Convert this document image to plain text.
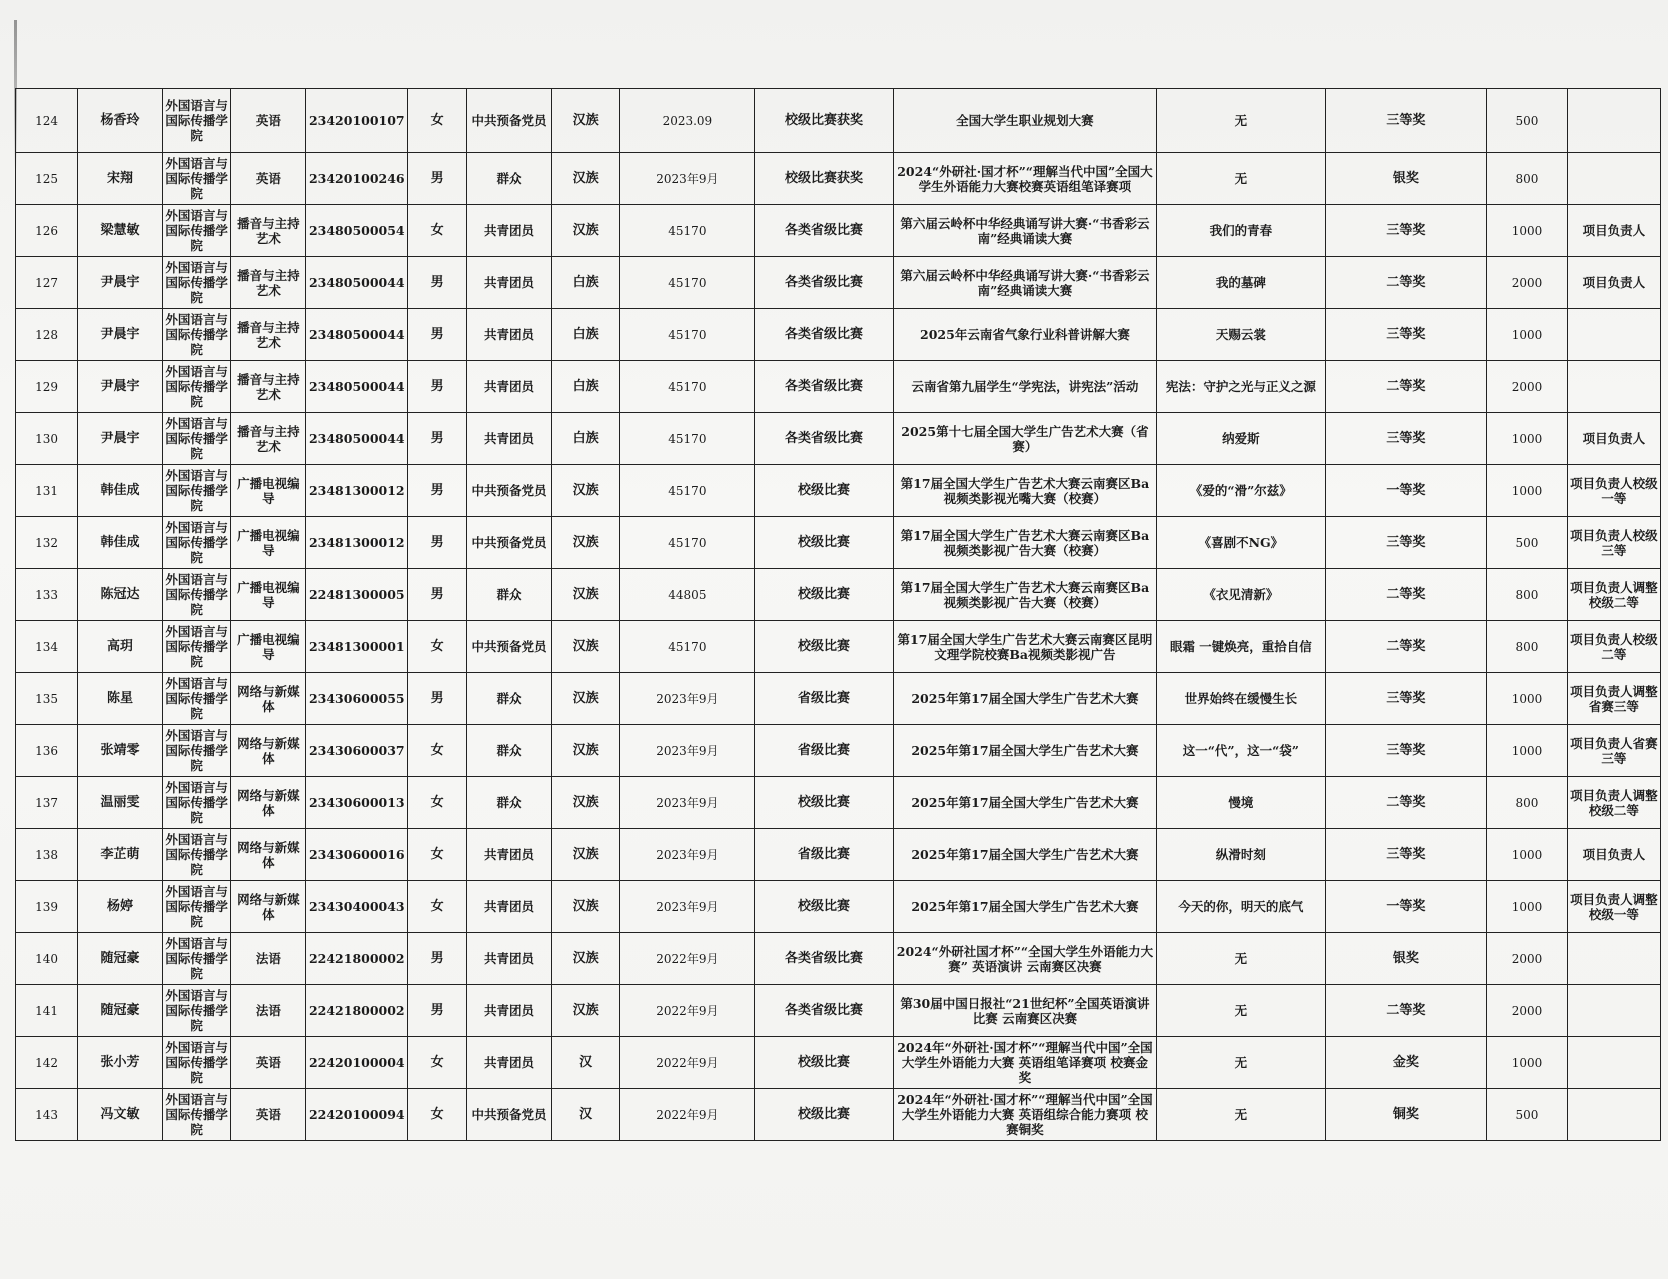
124	杨香玲	外国语言与国际传播学院	英语	23420100107	女	中共预备党员	汉族	2023.09	校级比赛获奖	全国大学生职业规划大赛	无	三等奖	500	
125	宋翔	外国语言与国际传播学院	英语	23420100246	男	群众	汉族	2023年9月	校级比赛获奖	2024“外研社·国才杯”“理解当代中国”全国大学生外语能力大赛校赛英语组笔译赛项	无	银奖	800	
126	梁慧敏	外国语言与国际传播学院	播音与主持艺术	23480500054	女	共青团员	汉族	45170	各类省级比赛	第六届云岭杯中华经典诵写讲大赛·“书香彩云南”经典诵读大赛	我们的青春	三等奖	1000	项目负责人
127	尹晨宇	外国语言与国际传播学院	播音与主持艺术	23480500044	男	共青团员	白族	45170	各类省级比赛	第六届云岭杯中华经典诵写讲大赛·“书香彩云南”经典诵读大赛	我的墓碑	二等奖	2000	项目负责人
128	尹晨宇	外国语言与国际传播学院	播音与主持艺术	23480500044	男	共青团员	白族	45170	各类省级比赛	2025年云南省气象行业科普讲解大赛	天赐云裳	三等奖	1000	
129	尹晨宇	外国语言与国际传播学院	播音与主持艺术	23480500044	男	共青团员	白族	45170	各类省级比赛	云南省第九届学生“学宪法，讲宪法”活动	宪法：守护之光与正义之源	二等奖	2000	
130	尹晨宇	外国语言与国际传播学院	播音与主持艺术	23480500044	男	共青团员	白族	45170	各类省级比赛	2025第十七届全国大学生广告艺术大赛（省赛）	纳爱斯	三等奖	1000	项目负责人
131	韩佳成	外国语言与国际传播学院	广播电视编导	23481300012	男	中共预备党员	汉族	45170	校级比赛	第17届全国大学生广告艺术大赛云南赛区Ba视频类影视光嘴大赛（校赛）	《爱的“滑”尔兹》	一等奖	1000	项目负责人校级一等
132	韩佳成	外国语言与国际传播学院	广播电视编导	23481300012	男	中共预备党员	汉族	45170	校级比赛	第17届全国大学生广告艺术大赛云南赛区Ba视频类影视广告大赛（校赛）	《喜剧不NG》	三等奖	500	项目负责人校级三等
133	陈冠达	外国语言与国际传播学院	广播电视编导	22481300005	男	群众	汉族	44805	校级比赛	第17届全国大学生广告艺术大赛云南赛区Ba视频类影视广告大赛（校赛）	《衣见清新》	二等奖	800	项目负责人调整校级二等
134	高玥	外国语言与国际传播学院	广播电视编导	23481300001	女	中共预备党员	汉族	45170	校级比赛	第17届全国大学生广告艺术大赛云南赛区昆明文理学院校赛Ba视频类影视广告	眼霜 一键焕亮，重拾自信	二等奖	800	项目负责人校级二等
135	陈星	外国语言与国际传播学院	网络与新媒体	23430600055	男	群众	汉族	2023年9月	省级比赛	2025年第17届全国大学生广告艺术大赛	世界始终在缓慢生长	三等奖	1000	项目负责人调整省赛三等
136	张靖零	外国语言与国际传播学院	网络与新媒体	23430600037	女	群众	汉族	2023年9月	省级比赛	2025年第17届全国大学生广告艺术大赛	这一“代”，这一“袋”	三等奖	1000	项目负责人省赛三等
137	温丽雯	外国语言与国际传播学院	网络与新媒体	23430600013	女	群众	汉族	2023年9月	校级比赛	2025年第17届全国大学生广告艺术大赛	慢境	二等奖	800	项目负责人调整校级二等
138	李芷萌	外国语言与国际传播学院	网络与新媒体	23430600016	女	共青团员	汉族	2023年9月	省级比赛	2025年第17届全国大学生广告艺术大赛	纵滑时刻	三等奖	1000	项目负责人
139	杨婷	外国语言与国际传播学院	网络与新媒体	23430400043	女	共青团员	汉族	2023年9月	校级比赛	2025年第17届全国大学生广告艺术大赛	今天的你，明天的底气	一等奖	1000	项目负责人调整校级一等
140	随冠豪	外国语言与国际传播学院	法语	22421800002	男	共青团员	汉族	2022年9月	各类省级比赛	2024“外研社国才杯”“全国大学生外语能力大赛” 英语演讲 云南赛区决赛	无	银奖	2000	
141	随冠豪	外国语言与国际传播学院	法语	22421800002	男	共青团员	汉族	2022年9月	各类省级比赛	第30届中国日报社“21世纪杯”全国英语演讲比赛 云南赛区决赛	无	二等奖	2000	
142	张小芳	外国语言与国际传播学院	英语	22420100004	女	共青团员	汉	2022年9月	校级比赛	2024年“外研社·国才杯”“理解当代中国”全国大学生外语能力大赛 英语组笔译赛项 校赛金奖	无	金奖	1000	
143	冯文敏	外国语言与国际传播学院	英语	22420100094	女	中共预备党员	汉	2022年9月	校级比赛	2024年“外研社·国才杯”“理解当代中国”全国大学生外语能力大赛 英语组综合能力赛项 校赛铜奖	无	铜奖	500	
